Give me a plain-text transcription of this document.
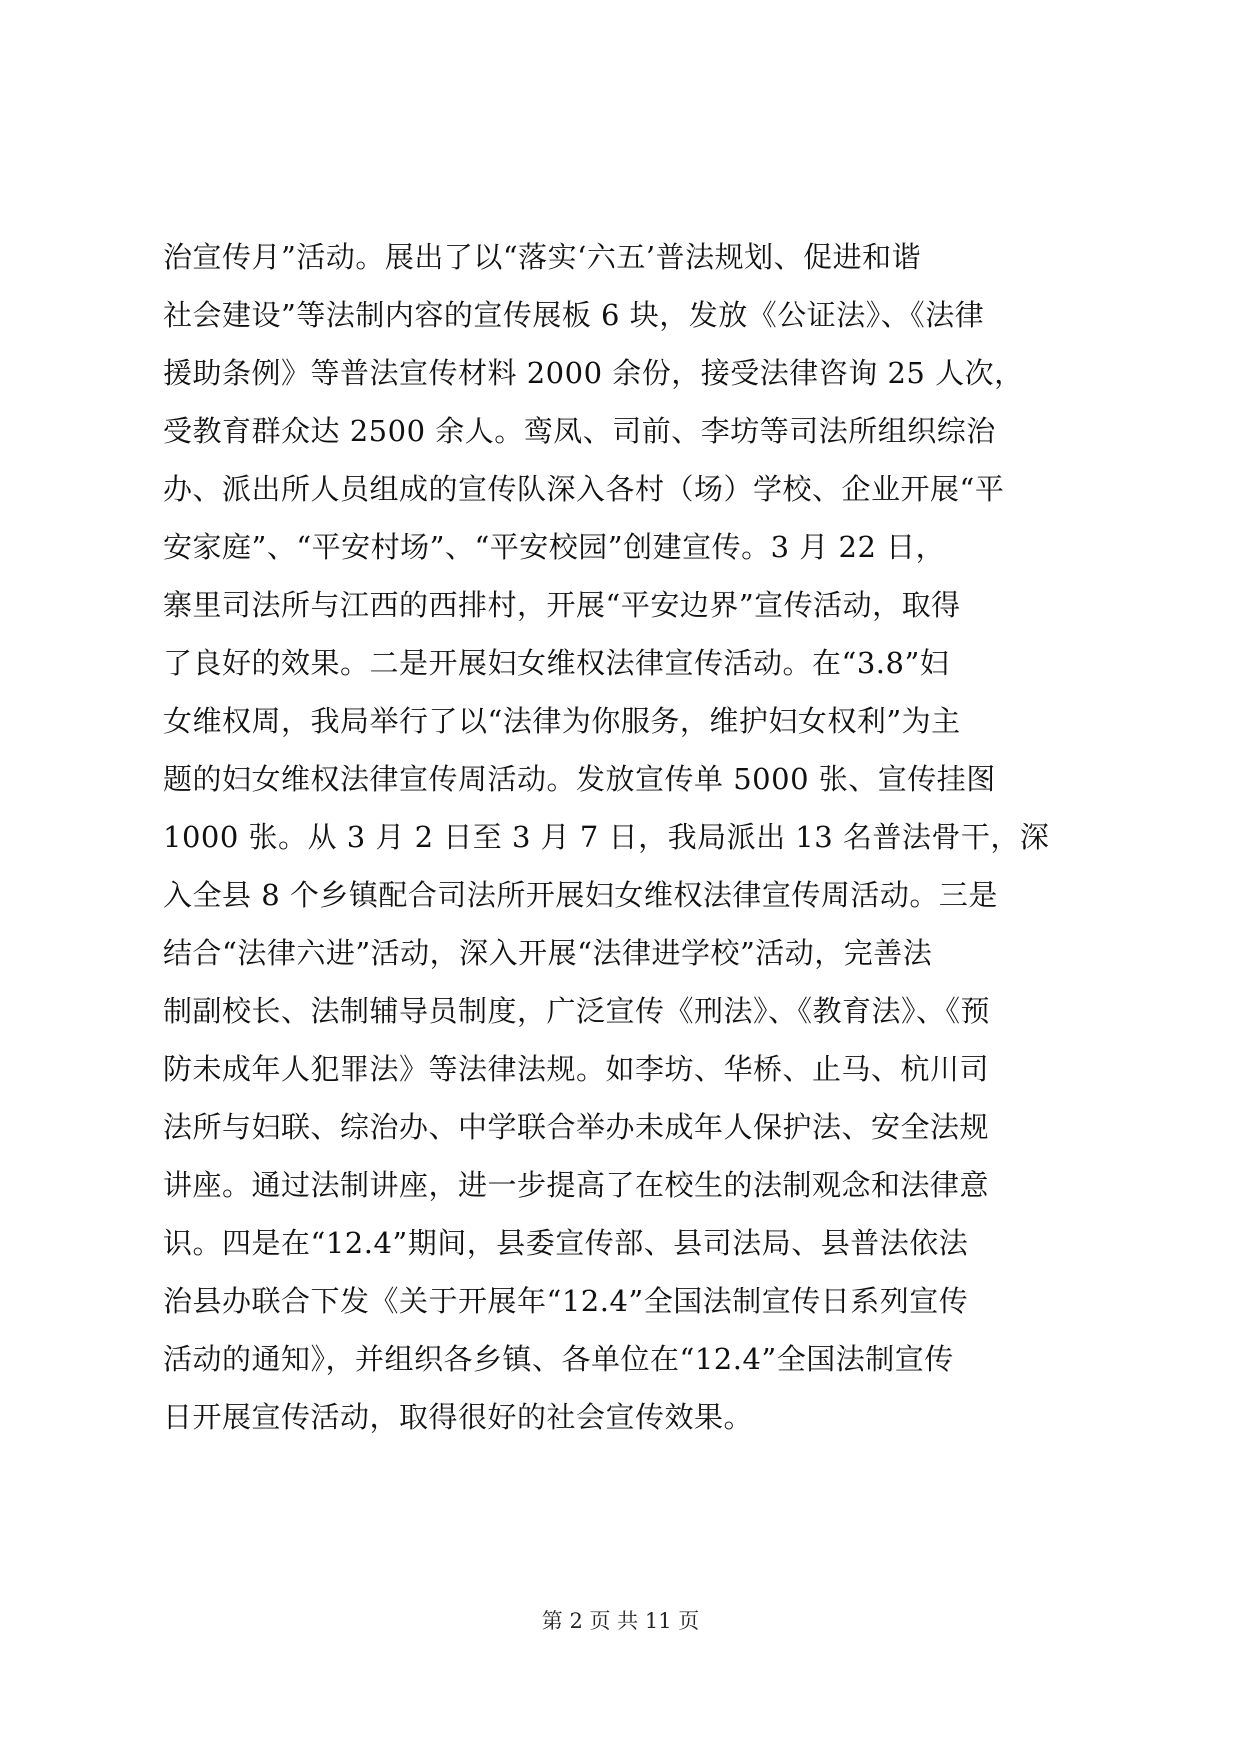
治宣传月”活动。展出了以“落实‘六五’普法规划、促进和谐
社会建设”等法制内容的宣传展板 6 块，发放《公证法》、《法律
援助条例》等普法宣传材料 2000 余份，接受法律咨询 25 人次，
受教育群众达 2500 余人。鸾凤、司前、李坊等司法所组织综治
办、派出所人员组成的宣传队深入各村（场）学校、企业开展“平
安家庭”、“平安村场”、“平安校园”创建宣传。3 月 22 日，
寨里司法所与江西的西排村，开展“平安边界”宣传活动，取得
了良好的效果。二是开展妇女维权法律宣传活动。在“3.8”妇
女维权周，我局举行了以“法律为你服务，维护妇女权利”为主
题的妇女维权法律宣传周活动。发放宣传单 5000 张、宣传挂图
1000 张。从 3 月 2 日至 3 月 7 日，我局派出 13 名普法骨干，深
入全县 8 个乡镇配合司法所开展妇女维权法律宣传周活动。三是
结合“法律六进”活动，深入开展“法律进学校”活动，完善法
制副校长、法制辅导员制度，广泛宣传《刑法》、《教育法》、《预
防未成年人犯罪法》等法律法规。如李坊、华桥、止马、杭川司
法所与妇联、综治办、中学联合举办未成年人保护法、安全法规
讲座。通过法制讲座，进一步提高了在校生的法制观念和法律意
识。四是在“12.4”期间，县委宣传部、县司法局、县普法依法
治县办联合下发《关于开展年“12.4”全国法制宣传日系列宣传
活动的通知》，并组织各乡镇、各单位在“12.4”全国法制宣传
日开展宣传活动，取得很好的社会宣传效果。
第 2 页 共 11 页
